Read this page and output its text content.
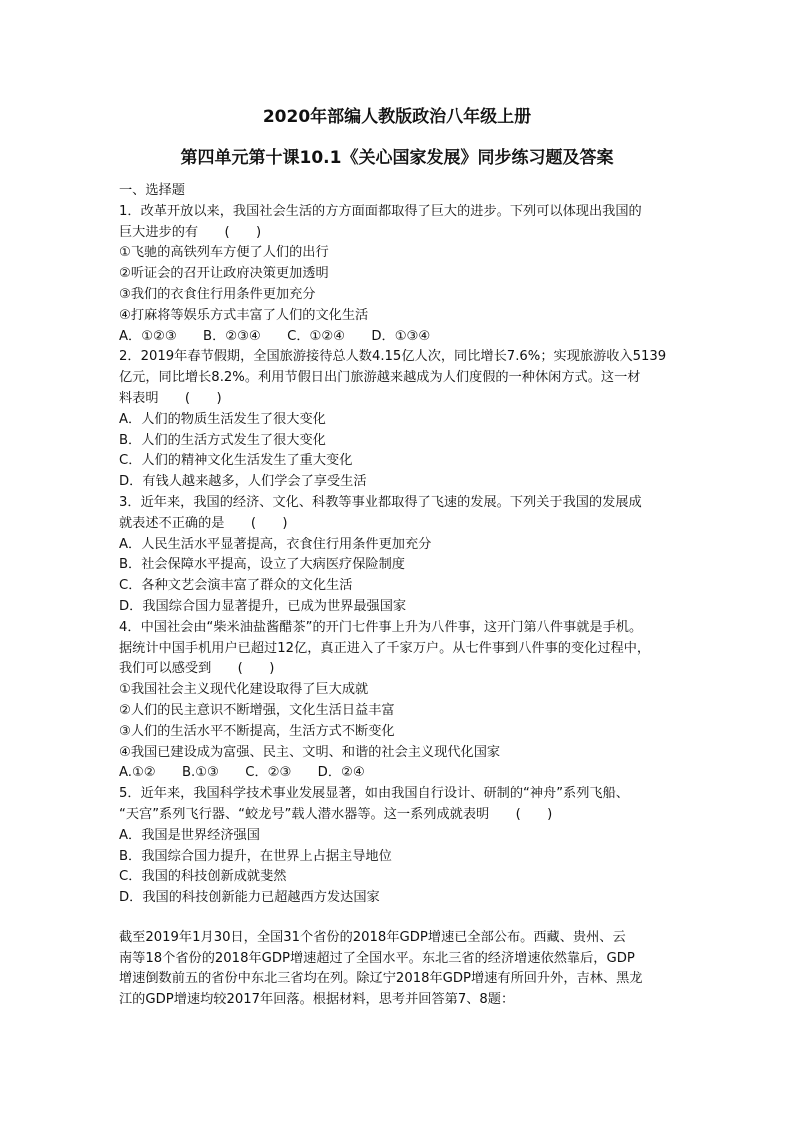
2020年部编人教版政治八年级上册
第四单元第十课10.1《关心国家发展》同步练习题及答案
一、选择题
1．改革开放以来，我国社会生活的方方面面都取得了巨大的进步。下列可以体现出我国的
巨大进步的有　　(　　)
①飞驰的高铁列车方便了人们的出行
②听证会的召开让政府决策更加透明
③我们的衣食住行用条件更加充分
④打麻将等娱乐方式丰富了人们的文化生活
A．①②③　　B．②③④　　C．①②④　　D．①③④
2．2019年春节假期，全国旅游接待总人数4.15亿人次，同比增长7.6%；实现旅游收入5139
亿元，同比增长8.2%。利用节假日出门旅游越来越成为人们度假的一种休闲方式。这一材
料表明　　(　　)
A．人们的物质生活发生了很大变化
B．人们的生活方式发生了很大变化
C．人们的精神文化生活发生了重大变化
D．有钱人越来越多，人们学会了享受生活
3．近年来，我国的经济、文化、科教等事业都取得了飞速的发展。下列关于我国的发展成
就表述不正确的是　　(　　)
A．人民生活水平显著提高，衣食住行用条件更加充分
B．社会保障水平提高，设立了大病医疗保险制度
C．各种文艺会演丰富了群众的文化生活
D．我国综合国力显著提升，已成为世界最强国家
4．中国社会由“柴米油盐酱醋茶”的开门七件事上升为八件事，这开门第八件事就是手机。
据统计中国手机用户已超过12亿，真正进入了千家万户。从七件事到八件事的变化过程中，
我们可以感受到　　(　　)
①我国社会主义现代化建设取得了巨大成就
②人们的民主意识不断增强，文化生活日益丰富
③人们的生活水平不断提高，生活方式不断变化
④我国已建设成为富强、民主、文明、和谐的社会主义现代化国家
A.①②　　B.①③　　C．②③　　D．②④
5．近年来，我国科学技术事业发展显著，如由我国自行设计、研制的“神舟”系列飞船、
“天宫”系列飞行器、“蛟龙号”载人潜水器等。这一系列成就表明　　(　　)
A．我国是世界经济强国
B．我国综合国力提升，在世界上占据主导地位
C．我国的科技创新成就斐然
D．我国的科技创新能力已超越西方发达国家
截至2019年1月30日，全国31个省份的2018年GDP增速已全部公布。西藏、贵州、云
南等18个省份的2018年GDP增速超过了全国水平。东北三省的经济增速依然靠后，GDP
增速倒数前五的省份中东北三省均在列。除辽宁2018年GDP增速有所回升外，吉林、黑龙
江的GDP增速均较2017年回落。根据材料，思考并回答第7、8题：
